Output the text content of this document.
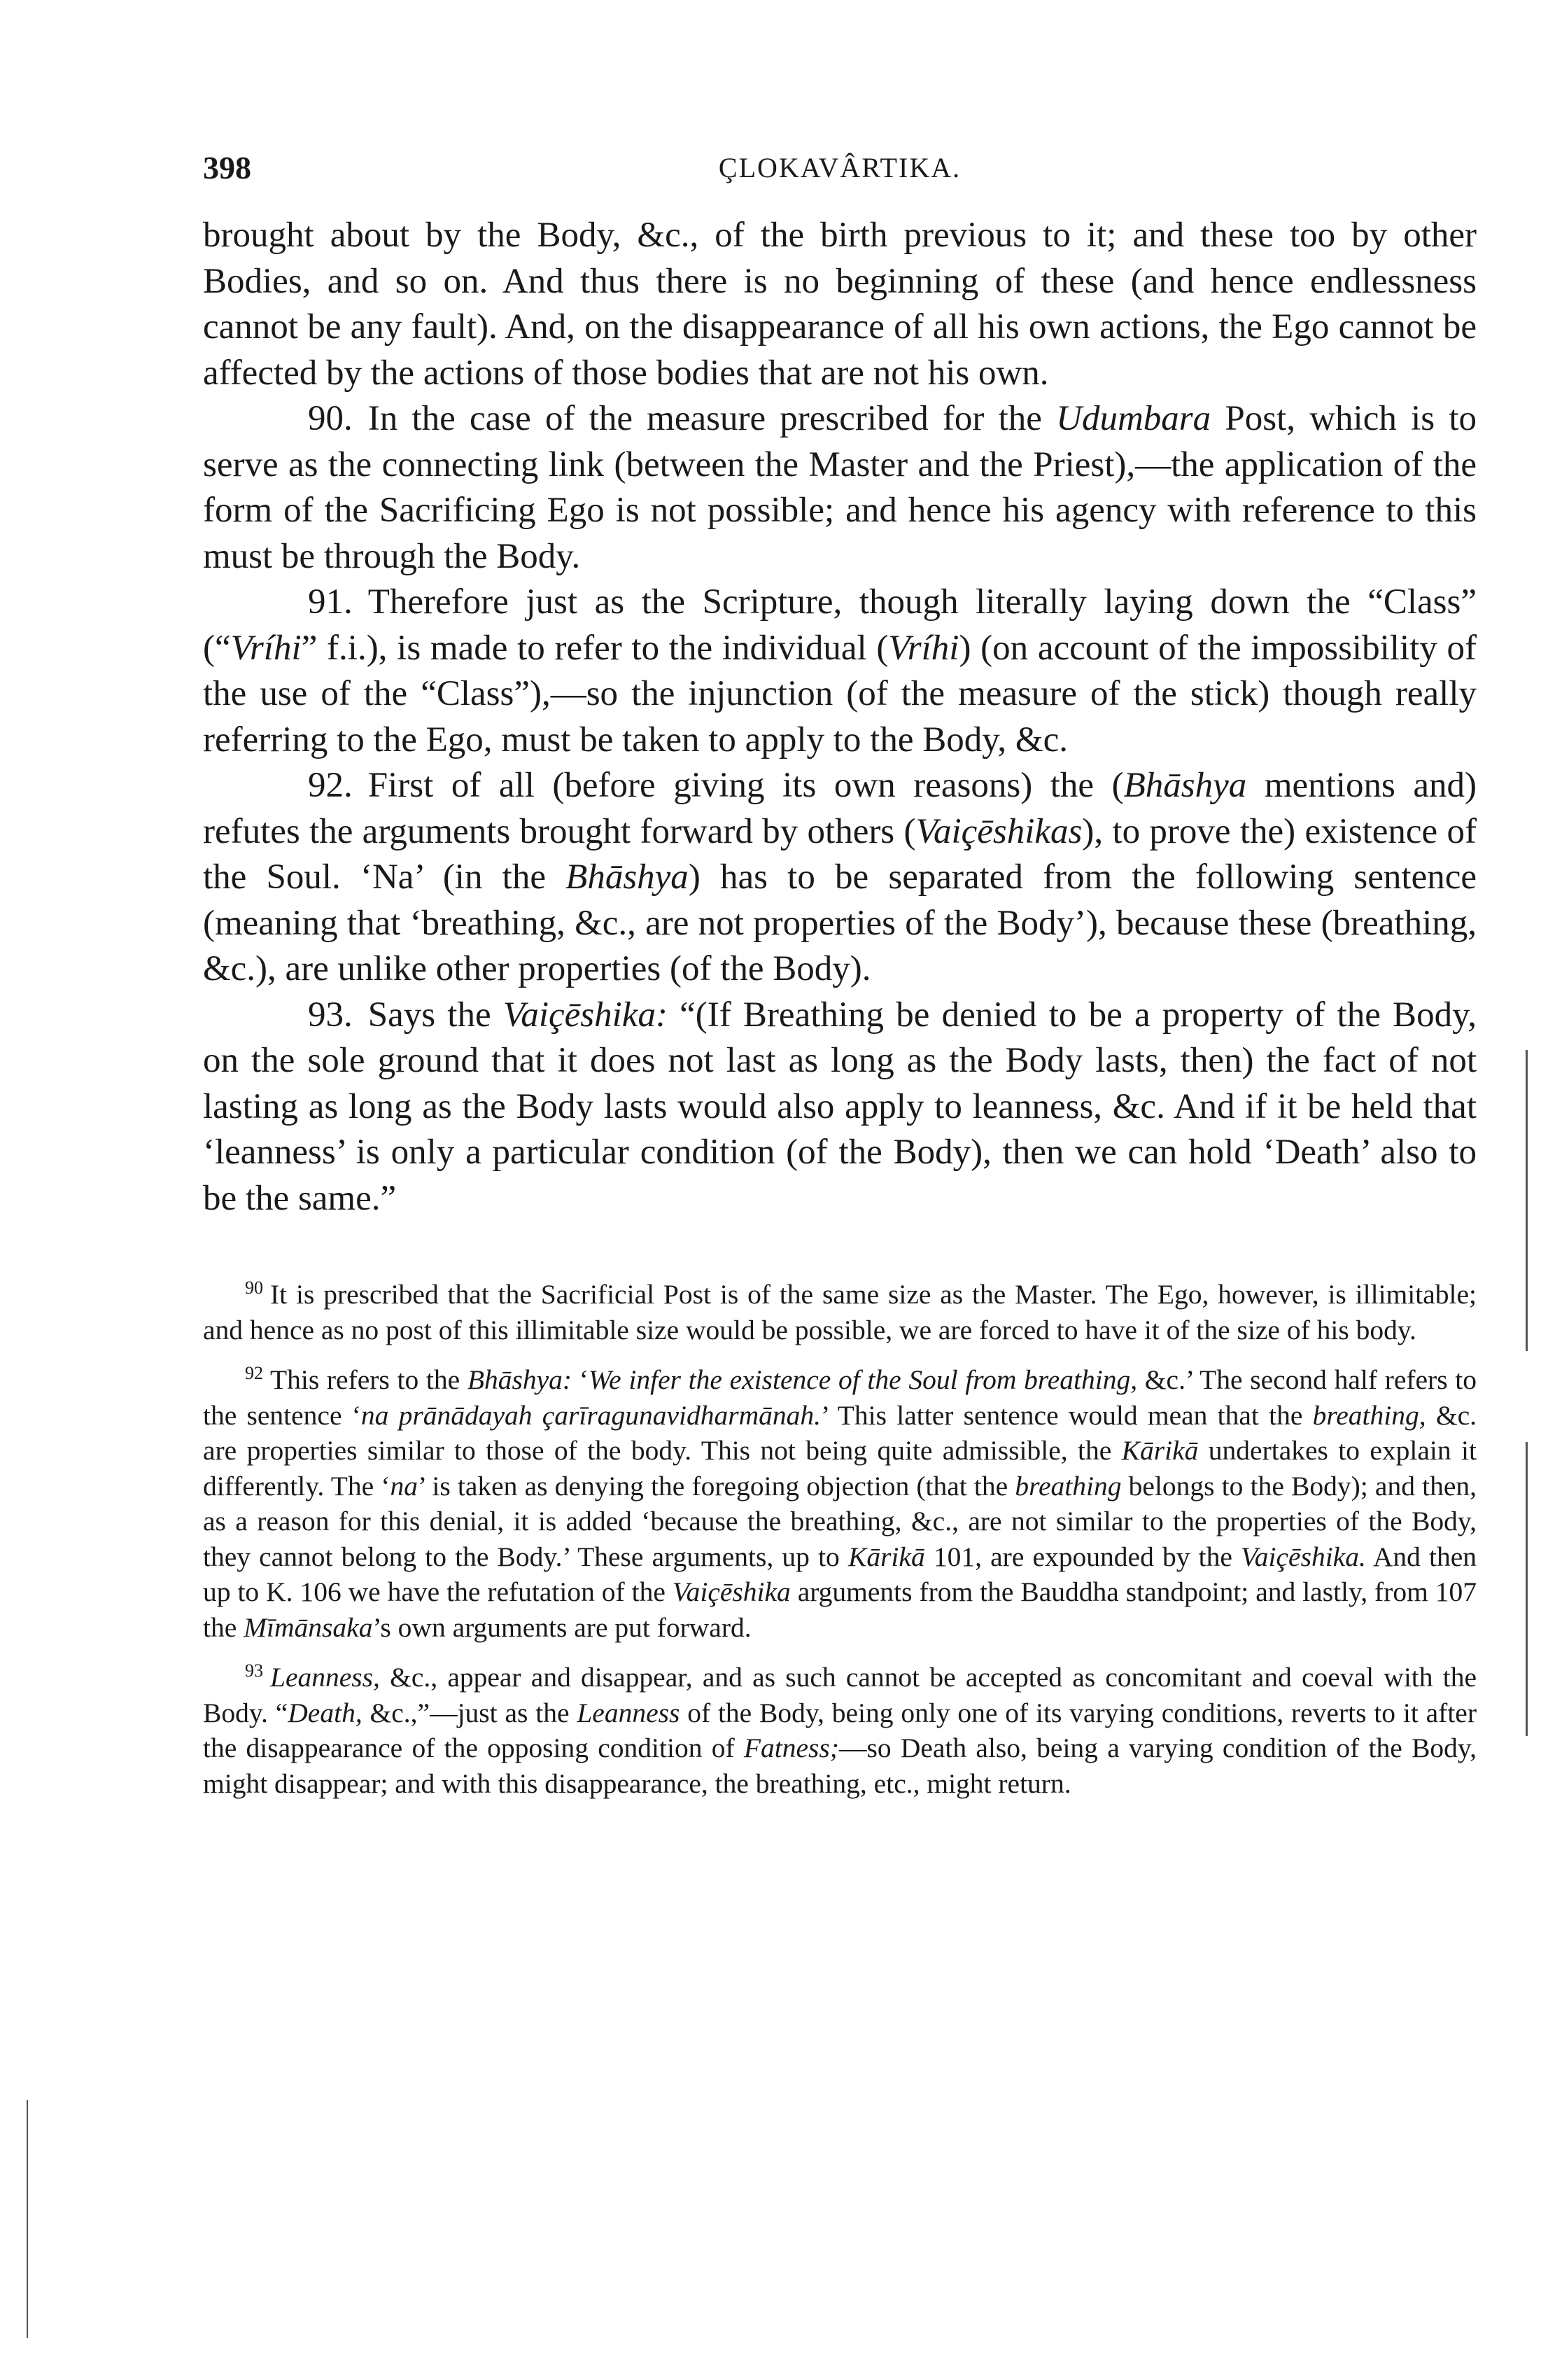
398	ÇLOKAVÂRTIKA.

brought about by the Body, &c., of the birth previous to it; and these too by other Bodies, and so on. And thus there is no beginning of these (and hence endlessness cannot be any fault). And, on the disappearance of all his own actions, the Ego cannot be affected by the actions of those bodies that are not his own.

90. In the case of the measure prescribed for the Udumbara Post, which is to serve as the connecting link (between the Master and the Priest),—the application of the form of the Sacrificing Ego is not possible; and hence his agency with reference to this must be through the Body.

91. Therefore just as the Scripture, though literally laying down the “Class” (“Vríhi” f.i.), is made to refer to the individual (Vríhi) (on account of the impossibility of the use of the “Class”),—so the injunction (of the measure of the stick) though really referring to the Ego, must be taken to apply to the Body, &c.

92. First of all (before giving its own reasons) the (Bhāshya mentions and) refutes the arguments brought forward by others (Vaiçēshikas), to prove the) existence of the Soul. ‘Na’ (in the Bhāshya) has to be separated from the following sentence (meaning that ‘breathing, &c., are not properties of the Body’), because these (breathing, &c.), are unlike other properties (of the Body).

93. Says the Vaiçēshika: “(If Breathing be denied to be a property of the Body, on the sole ground that it does not last as long as the Body lasts, then) the fact of not lasting as long as the Body lasts would also apply to leanness, &c. And if it be held that ‘leanness’ is only a particular condition (of the Body), then we can hold ‘Death’ also to be the same.”

$^{90}$ It is prescribed that the Sacrificial Post is of the same size as the Master. The Ego, however, is illimitable; and hence as no post of this illimitable size would be possible, we are forced to have it of the size of his body.

$^{92}$ This refers to the Bhāshya: ‘We infer the existence of the Soul from breathing, &c.’ The second half refers to the sentence ‘na prānādayah çarīragunavidharmānah.’ This latter sentence would mean that the breathing, &c. are properties similar to those of the body. This not being quite admissible, the Kārikā undertakes to explain it differently. The ‘na’ is taken as denying the foregoing objection (that the breathing belongs to the Body); and then, as a reason for this denial, it is added ‘because the breathing, &c., are not similar to the properties of the Body, they cannot belong to the Body.’ These arguments, up to Kārikā 101, are expounded by the Vaiçēshika. And then up to K. 106 we have the refutation of the Vaiçēshika arguments from the Bauddha standpoint; and lastly, from 107 the Mīmānsaka’s own arguments are put forward.

$^{93}$ Leanness, &c., appear and disappear, and as such cannot be accepted as concomitant and coeval with the Body. “Death, &c.,”—just as the Leanness of the Body, being only one of its varying conditions, reverts to it after the disappearance of the opposing condition of Fatness;—so Death also, being a varying condition of the Body, might disappear; and with this disappearance, the breathing, etc., might return.
